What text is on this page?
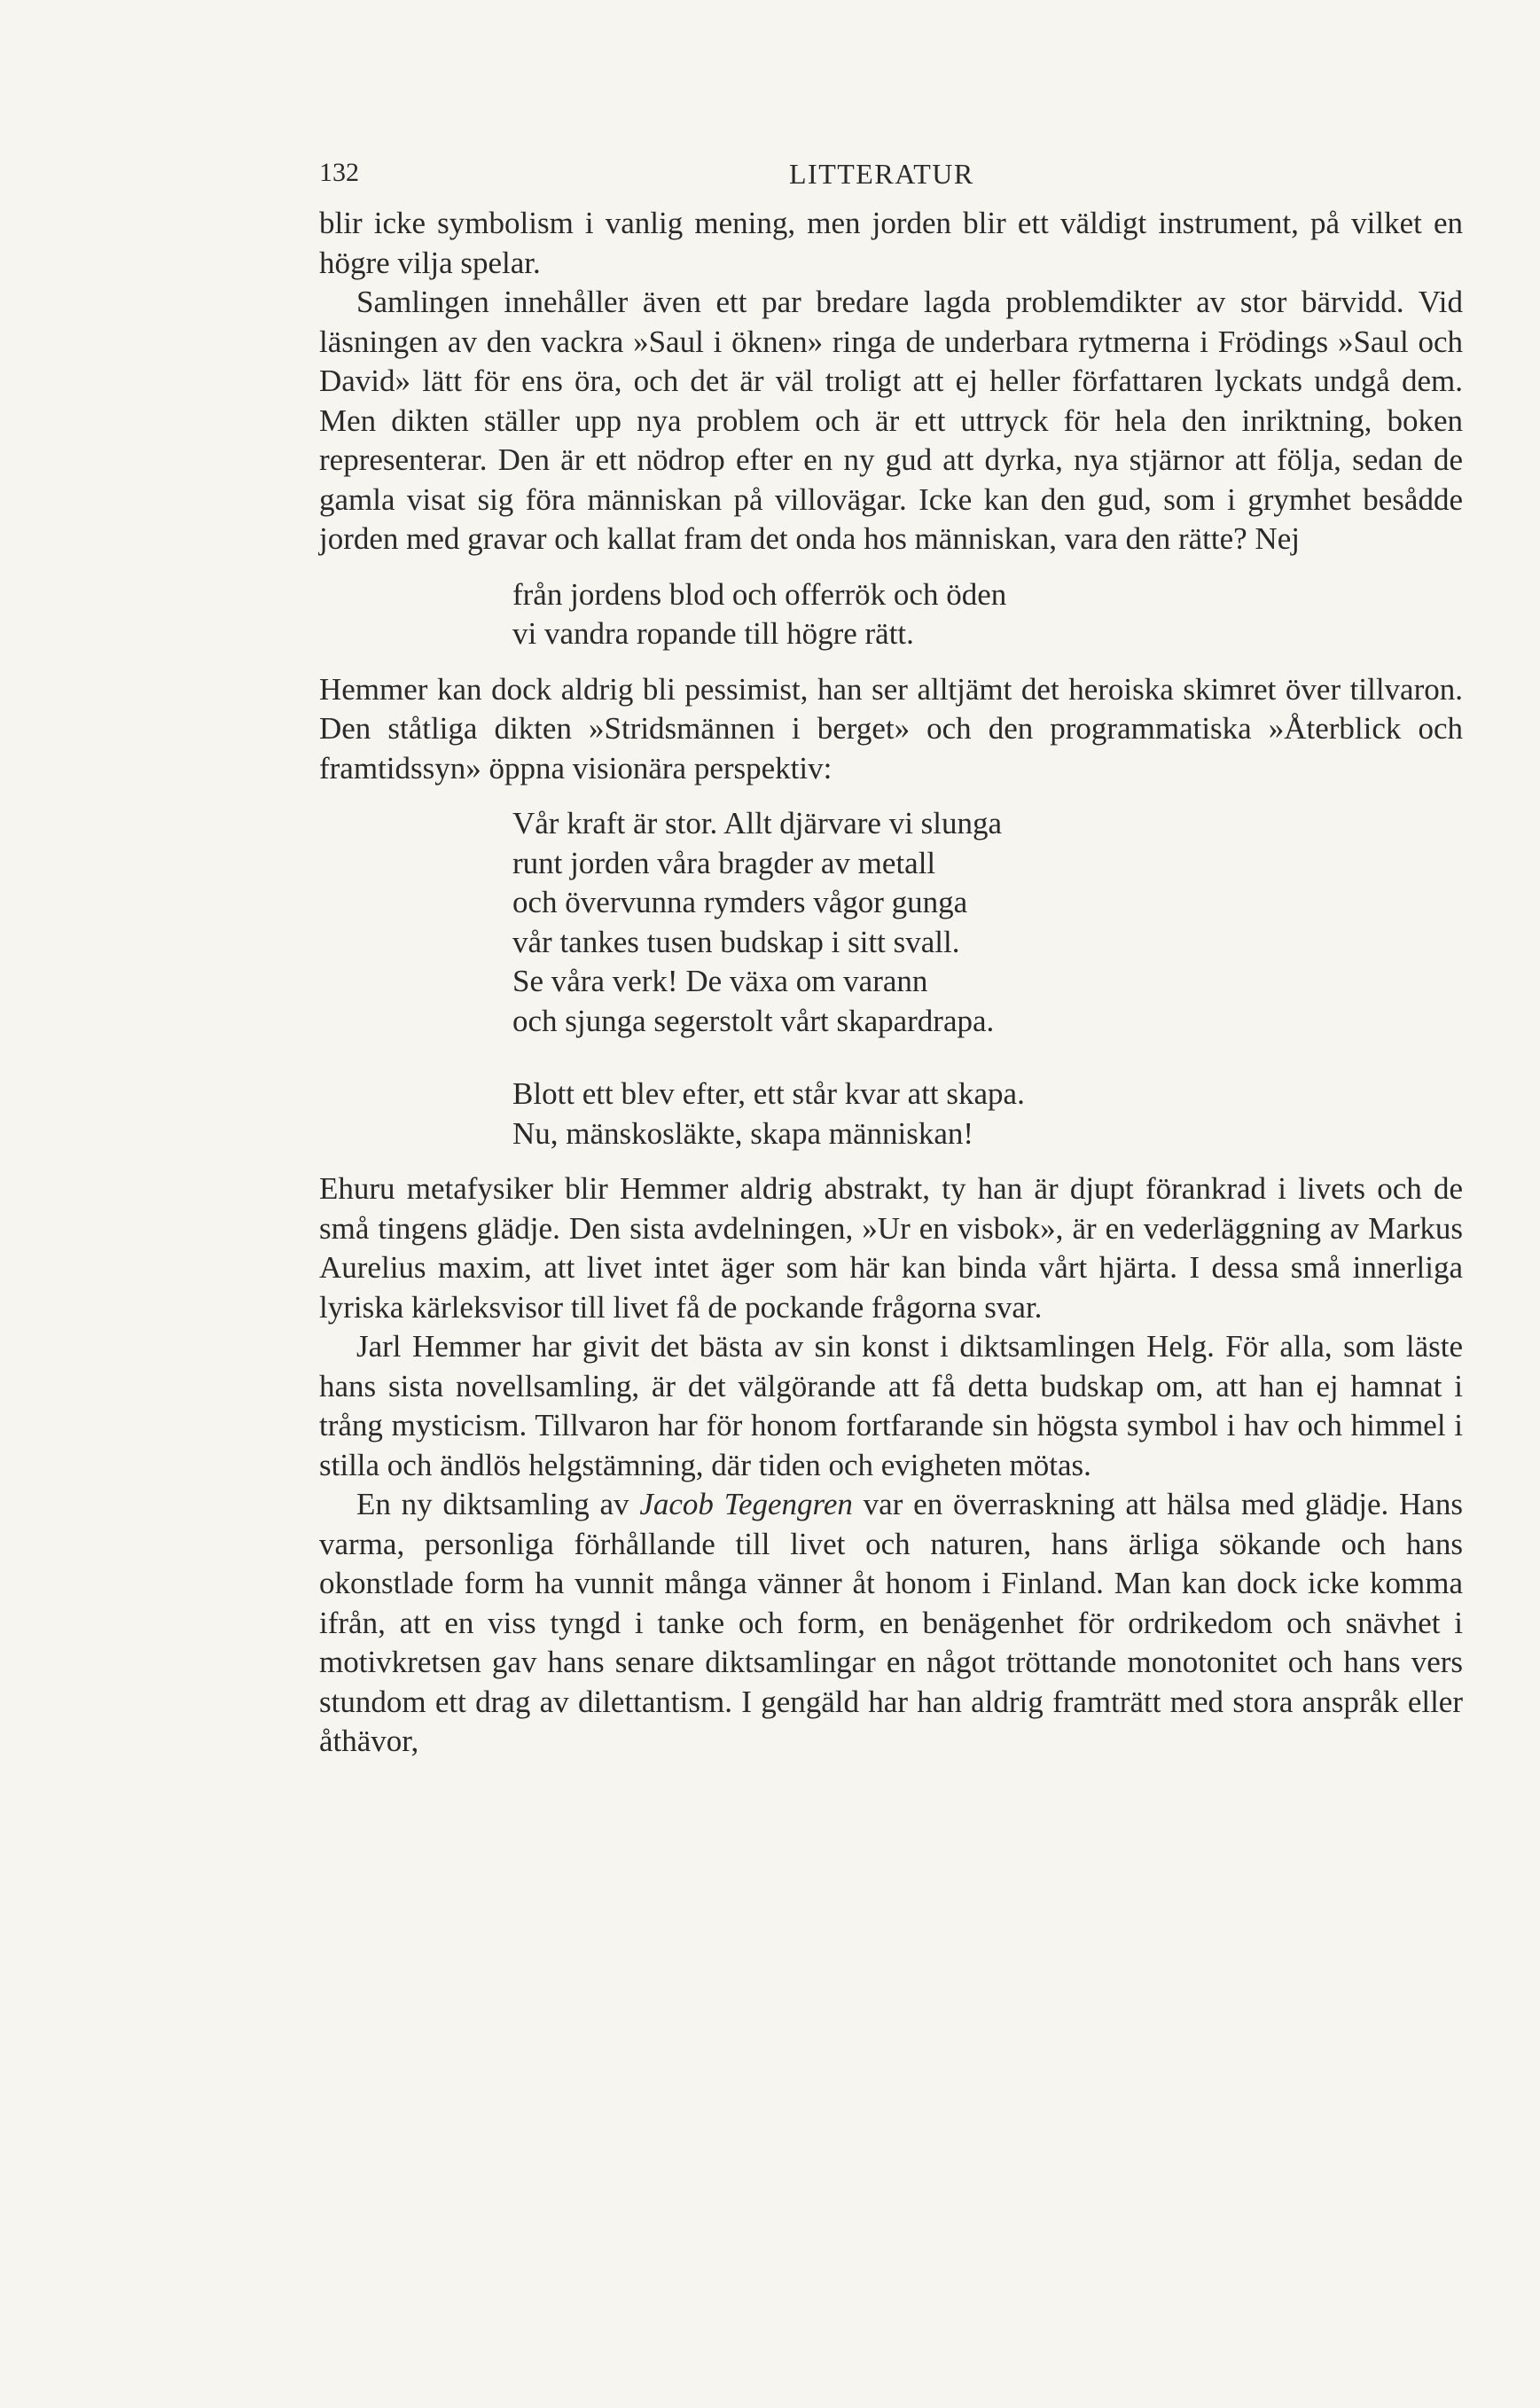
132	LITTERATUR

blir icke symbolism i vanlig mening, men jorden blir ett väldigt instrument, på vilket en högre vilja spelar.

Samlingen innehåller även ett par bredare lagda problemdikter av stor bärvidd. Vid läsningen av den vackra »Saul i öknen» ringa de underbara rytmerna i Frödings »Saul och David» lätt för ens öra, och det är väl troligt att ej heller författaren lyckats undgå dem. Men dikten ställer upp nya problem och är ett uttryck för hela den inriktning, boken representerar. Den är ett nödrop efter en ny gud att dyrka, nya stjärnor att följa, sedan de gamla visat sig föra människan på villovägar. Icke kan den gud, som i grymhet besådde jorden med gravar och kallat fram det onda hos människan, vara den rätte? Nej

från jordens blod och offerrök och öden
vi vandra ropande till högre rätt.

Hemmer kan dock aldrig bli pessimist, han ser alltjämt det heroiska skimret över tillvaron. Den ståtliga dikten »Stridsmännen i berget» och den programmatiska »Återblick och framtidssyn» öppna visionära perspektiv:

Vår kraft är stor. Allt djärvare vi slunga
runt jorden våra bragder av metall
och övervunna rymders vågor gunga
vår tankes tusen budskap i sitt svall.
Se våra verk! De växa om varann
och sjunga segerstolt vårt skapardrapa.
Blott ett blev efter, ett står kvar att skapa.
Nu, mänskosläkte, skapa människan!

Ehuru metafysiker blir Hemmer aldrig abstrakt, ty han är djupt förankrad i livets och de små tingens glädje. Den sista avdelningen, »Ur en visbok», är en vederläggning av Markus Aurelius maxim, att livet intet äger som här kan binda vårt hjärta. I dessa små innerliga lyriska kärleksvisor till livet få de pockande frågorna svar.

Jarl Hemmer har givit det bästa av sin konst i diktsamlingen Helg. För alla, som läste hans sista novellsamling, är det välgörande att få detta budskap om, att han ej hamnat i trång mysticism. Tillvaron har för honom fortfarande sin högsta symbol i hav och himmel i stilla och ändlös helgstämning, där tiden och evigheten mötas.

En ny diktsamling av Jacob Tegengren var en överraskning att hälsa med glädje. Hans varma, personliga förhållande till livet och naturen, hans ärliga sökande och hans okonstlade form ha vunnit många vänner åt honom i Finland. Man kan dock icke komma ifrån, att en viss tyngd i tanke och form, en benägenhet för ordrikedom och snävhet i motivkretsen gav hans senare diktsamlingar en något tröttande monotonitet och hans vers stundom ett drag av dilettantism. I gengäld har han aldrig framträtt med stora anspråk eller åthävor,
